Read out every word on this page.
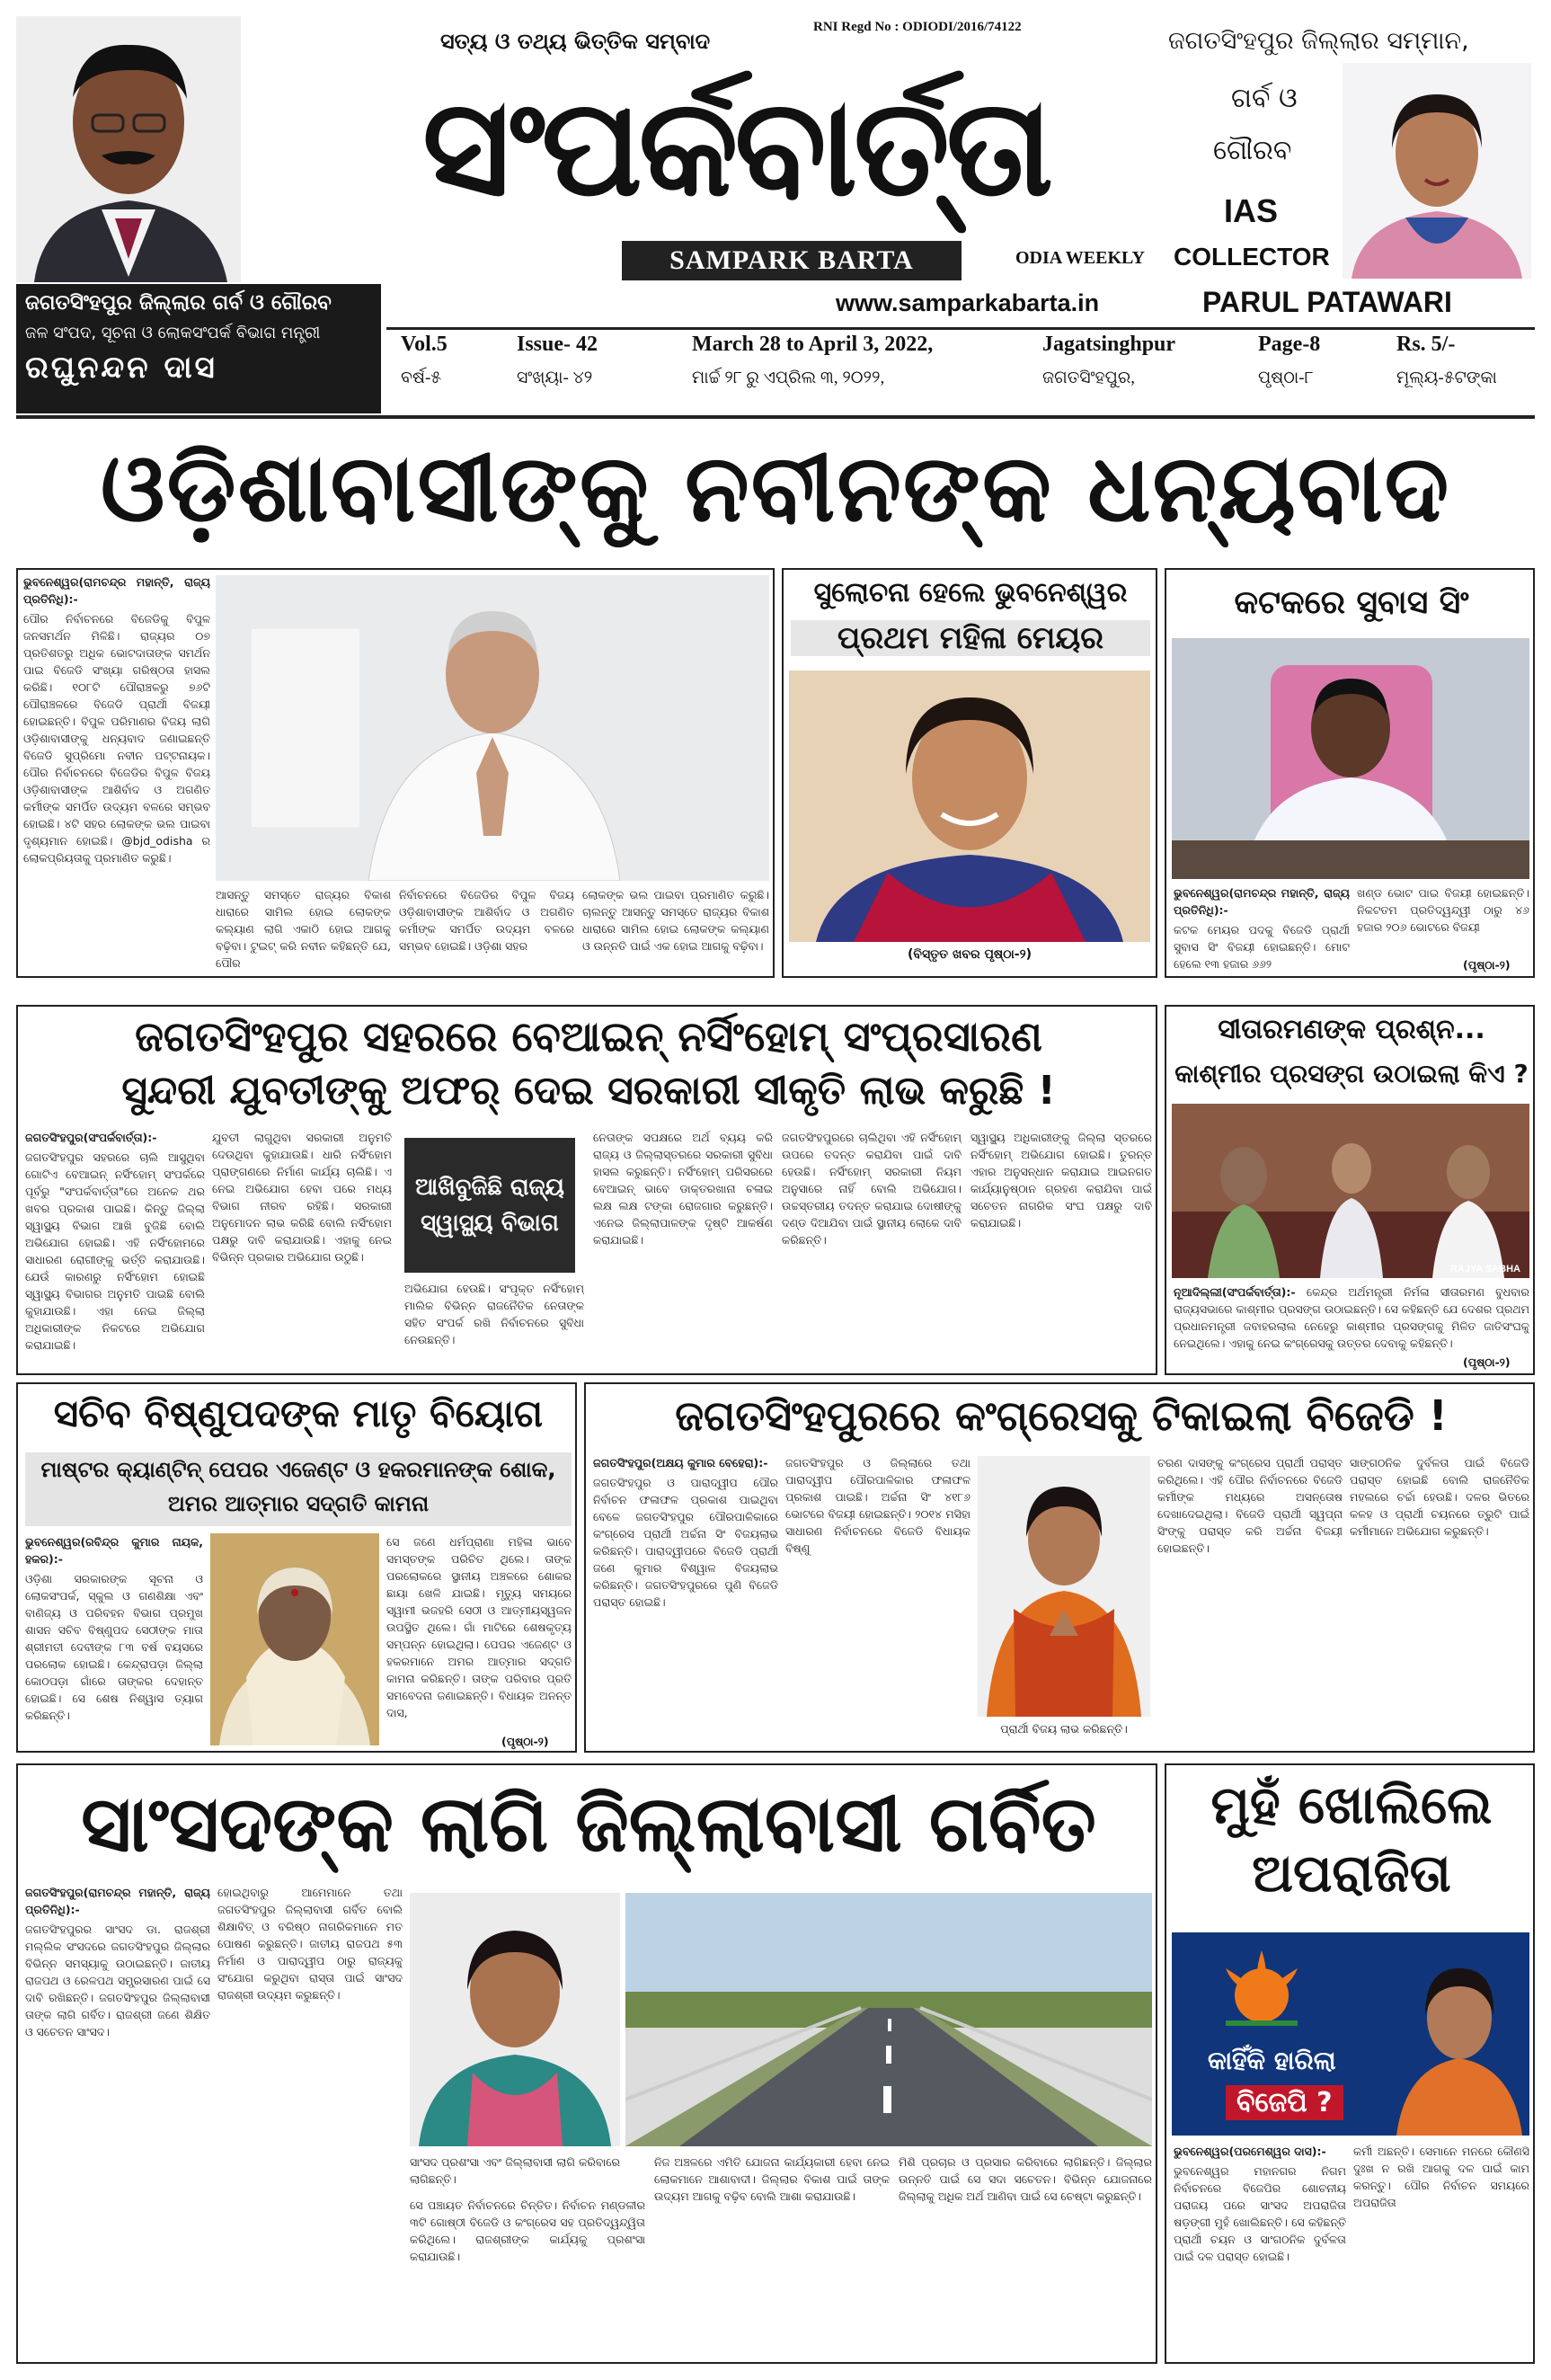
ଜଗତସିଂହପୁର ଜିଲ୍ଲାର ଗର୍ବ ଓ ଗୌରବ
ଜଳ ସଂପଦ, ସୂଚନା ଓ ଲୋକସଂପର୍କ ବିଭାଗ ମନ୍ତ୍ରୀ
ରଘୁନନ୍ଦନ ଦାସ
ସତ୍ୟ ଓ ତଥ୍ୟ ଭିତ୍ତିକ ସମ୍ବାଦ
RNI Regd No : ODIODI/2016/74122
ସଂପର୍କବାର୍ତ୍ତା
SAMPARK BARTA	ODIA WEEKLY
www.samparkabarta.in
ଜଗତସିଂହପୁର ଜିଲ୍ଲାର ସମ୍ମାନ,
ଗର୍ବ ଓ
ଗୌରବ
IAS
COLLECTOR
PARUL PATAWARI
Vol.5
ବର୍ଷ-୫
Issue- 42
ସଂଖ୍ୟା- ୪୨
March 28 to April 3, 2022,
ମାର୍ଚ୍ଚ ୨୮ ରୁ ଏପ୍ରିଲ ୩, ୨୦୨୨,
Jagatsinghpur
ଜଗତସିଂହପୁର,
Page-8
ପୃଷ୍ଠା-୮
Rs. 5/-
ମୂଲ୍ୟ-୫ଟଙ୍କା
ଓଡ଼ିଶାବାସୀଙ୍କୁ ନବୀନଙ୍କ ଧନ୍ୟବାଦ

ଭୁବନେଶ୍ୱର(ରାମଚନ୍ଦ୍ର ମହାନ୍ତି, ରାଜ୍ୟ ପ୍ରତିନିଧି):-

ପୌର ନିର୍ବାଚନରେ ବିଜେଡିକୁ ବିପୁଳ ଜନସମର୍ଥନ ମିଳିଛି। ରାଜ୍ୟର ୦୭ ପ୍ରତିଶତରୁ ଅଧିକ ଭୋଟଦାତାଙ୍କ ସମର୍ଥନ ପାଇ ବିଜେଡି ସଂଖ୍ୟା ଗରିଷ୍ଠତା ହାସଲ କରିଛି। ୧୦୮ଟି ପୌରାଞ୍ଚଳରୁ ୭୬ଟି ପୌରାଞ୍ଚଳରେ ବିଜେଡି ପ୍ରାର୍ଥୀ ବିଜୟୀ ହୋଇଛନ୍ତି। ବିପୁଳ ପରିମାଣର ବିଜୟ ଲାଗି ଓଡ଼ିଶାବାସୀଙ୍କୁ ଧନ୍ୟବାଦ ଜଣାଇଛନ୍ତି ବିଜେଡି ସୁପ୍ରିମୋ ନବୀନ ପଟ୍ଟନାୟକ। ପୌର ନିର୍ବାଚନରେ ବିଜେଡିର ବିପୁଳ ବିଜୟ ଓଡ଼ିଶାବାସୀଙ୍କ ଆଶିର୍ବାଦ ଓ ଅଗଣିତ କର୍ମୀଙ୍କ ସମର୍ପିତ ଉଦ୍ୟମ ବଳରେ ସମ୍ଭବ ହୋଇଛି। ୪ଟି ସହର ଲୋକଙ୍କ ଭଲ ପାଇବା ଦୃଶ୍ୟମାନ ହୋଇଛି। @bjd_odisha ର ଲୋକପ୍ରିୟତାକୁ ପ୍ରମାଣିତ କରୁଛି।

ଆସନ୍ତୁ ସମସ୍ତେ ରାଜ୍ୟର ବିକାଶ ଧାରାରେ ସାମିଲ ହୋଇ ଲୋକଙ୍କ କଲ୍ୟାଣ ଲାଗି ଏକାଠି ହୋଇ ଆଗକୁ ବଢ଼ିବା। ଟୁଇଟ୍ କରି ନବୀନ କହିଛନ୍ତି ଯେ, ପୌର
ନିର୍ବାଚନରେ ବିଜେଡିର ବିପୁଳ ବିଜୟ ଓଡ଼ିଶାବାସୀଙ୍କ ଆଶିର୍ବାଦ ଓ ଅଗଣିତ କର୍ମୀଙ୍କ ସମର୍ପିତ ଉଦ୍ୟମ ବଳରେ ସମ୍ଭବ ହୋଇଛି। ଓଡ଼ିଶା ସହର
ଲୋକଙ୍କ ଭଲ ପାଇବା ପ୍ରମାଣିତ କରୁଛି। ଚାଲନ୍ତୁ ଆସନ୍ତୁ ସମସ୍ତେ ରାଜ୍ୟର ବିକାଶ ଧାରାରେ ସାମିଲ ହୋଇ ଲୋକଙ୍କ କଲ୍ୟାଣ ଓ ଉନ୍ନତି ପାଇଁ ଏକ ହୋଇ ଆଗକୁ ବଢ଼ିବା।
ସୁଲୋଚନା ହେଲେ ଭୁବନେଶ୍ୱର
ପ୍ରଥମ ମହିଳା ମେୟର
(ବିସ୍ତୃତ ଖବର ପୃଷ୍ଠା-୨)
କଟକରେ ସୁବାସ ସିଂ

ଭୁବନେଶ୍ୱର(ରାମଚନ୍ଦ୍ର ମହାନ୍ତି, ରାଜ୍ୟ ପ୍ରତିନିଧି):-

କଟକ ମେୟର ପଦକୁ ବିଜେଡି ପ୍ରାର୍ଥୀ ସୁବାସ ସିଂ ବିଜୟୀ ହୋଇଛନ୍ତି। ମୋଟ ହେଲେ ୧୩ ହଜାର ୬୬୨

ଖଣ୍ଡ ଭୋଟ ପାଇ ବିଜୟୀ ହୋଇଛନ୍ତି। ନିକଟତମ ପ୍ରତିଦ୍ୱନ୍ଦ୍ୱୀ ଠାରୁ ୪୬ ହଜାର ୨୦୬ ଭୋଟରେ ବିଜୟୀ
(ପୃଷ୍ଠା-୨)
ଜଗତସିଂହପୁର ସହରରେ ବେଆଇନ୍ ନର୍ସିଂହୋମ୍ ସଂପ୍ରସାରଣ
ସୁନ୍ଦରୀ ଯୁବତୀଙ୍କୁ ଅଫର୍ ଦେଇ ସରକାରୀ ସୀକୃତି ଲାଭ କରୁଛି !

ଜଗତସିଂହପୁର(ସଂପର୍କବାର୍ତ୍ତା):-

ଜଗତସିଂହପୁର ସହରରେ ଚାଲି ଆସୁଥିବା ଗୋଟିଏ ବେଆଇନ୍ ନର୍ସିଂହୋମ୍ ସଂପର୍କରେ ପୂର୍ବରୁ "ସଂପର୍କବାର୍ତ୍ତା"ରେ ଅନେକ ଥର ଖବର ପ୍ରକାଶ ପାଇଛି। କିନ୍ତୁ ଜିଲ୍ଲା ସ୍ୱାସ୍ଥ୍ୟ ବିଭାଗ ଆଖି ବୁଜିଛି ବୋଲି ଅଭିଯୋଗ ହୋଇଛି। ଏହି ନର୍ସିଂହୋମରେ ସାଧାରଣ ରୋଗୀଙ୍କୁ ଭର୍ତ୍ତି କରାଯାଉଛି। ଯେଉଁ କାରଣରୁ ନର୍ସିଂହୋମ ହୋଇଛି ସ୍ୱାସ୍ଥ୍ୟ ବିଭାଗର ଅନୁମତି ପାଇଛି ବୋଲି କୁହାଯାଉଛି। ଏହା ନେଇ ଜିଲ୍ଲା ଅଧିକାରୀଙ୍କ ନିକଟରେ ଅଭିଯୋଗ କରାଯାଇଛି।

ଯୁବତୀ ଲାଗୁଥିବା ସରକାରୀ ଅନୁମତି ଦେଉଥିବା କୁହାଯାଉଛି। ଧାରି ନର୍ସିଂହୋମ ପ୍ରାଙ୍ଗଣରେ ନିର୍ମାଣ କାର୍ଯ୍ୟ ଚାଲିଛି। ଏ ନେଇ ଅଭିଯୋଗ ହେବା ପରେ ମଧ୍ୟ ବିଭାଗ ନୀରବ ରହିଛି। ସରକାରୀ ଅନୁମୋଦନ ଲାଭ କରିଛି ବୋଲି ନର୍ସିଂହୋମ ପକ୍ଷରୁ ଦାବି କରାଯାଉଛି। ଏହାକୁ ନେଇ ବିଭିନ୍ନ ପ୍ରକାର ଅଭିଯୋଗ ଉଠୁଛି।
ଆଖିବୁଜିଛି ରାଜ୍ୟ ସ୍ୱାସ୍ଥ୍ୟ ବିଭାଗ
ଅଭିଯୋଗ ହେଉଛି। ସଂପୃକ୍ତ ନର୍ସିଂହୋମ୍ ମାଲିକ ବିଭିନ୍ନ ରାଜନୈତିକ ନେତାଙ୍କ ସହିତ ସଂପର୍କ ରଖି ନିର୍ବାଚନରେ ସୁବିଧା ନେଉଛନ୍ତି।
ନେତାଙ୍କ ସପକ୍ଷରେ ଅର୍ଥ ବ୍ୟୟ କରି ରାଜ୍ୟ ଓ ଜିଲ୍ଲାସ୍ତରରେ ସରକାରୀ ସୁବିଧା ହାସଲ କରୁଛନ୍ତି। ନର୍ସିଂହୋମ୍ ପରିସରରେ ବେଆଇନ୍ ଭାବେ ଡାକ୍ତରଖାନା ଚଳାଇ ଲକ୍ଷ ଲକ୍ଷ ଟଙ୍କା ରୋଜଗାର କରୁଛନ୍ତି। ଏନେଇ ଜିଲ୍ଲାପାଳଙ୍କ ଦୃଷ୍ଟି ଆକର୍ଷଣ କରାଯାଇଛି।
ଜଗତସିଂହପୁରରେ ଚାଲିଥିବା ଏହି ନର୍ସିଂହୋମ୍ ଉପରେ ତଦନ୍ତ କରାଯିବା ପାଇଁ ଦାବି ହେଉଛି। ନର୍ସିଂହୋମ୍ ସରକାରୀ ନିୟମ ଅନୁସାରେ ନାହିଁ ବୋଲି ଅଭିଯୋଗ। ଉଚ୍ଚସ୍ତରୀୟ ତଦନ୍ତ କରାଯାଇ ଦୋଷୀଙ୍କୁ ଦଣ୍ଡ ଦିଆଯିବା ପାଇଁ ସ୍ଥାନୀୟ ଲୋକେ ଦାବି କରିଛନ୍ତି।
ସ୍ୱାସ୍ଥ୍ୟ ଅଧିକାରୀଙ୍କୁ ଜିଲ୍ଲା ସ୍ତରରେ ନର୍ସିଂହୋମ୍ ଅଭିଯୋଗ ହୋଇଛି। ତୁରନ୍ତ ଏହାର ଅନୁସନ୍ଧାନ କରାଯାଇ ଆଇନଗତ କାର୍ଯ୍ୟାନୁଷ୍ଠାନ ଗ୍ରହଣ କରାଯିବା ପାଇଁ ସଚେତନ ନାଗରିକ ସଂଘ ପକ୍ଷରୁ ଦାବି କରାଯାଇଛି।
ସୀତାରମଣଙ୍କ ପ୍ରଶ୍ନ...
କାଶ୍ମୀର ପ୍ରସଙ୍ଗ ଉଠାଇଲା କିଏ ?
RAJYA SABHA

ନୂଆଦିଲ୍ଲୀ(ସଂପର୍କବାର୍ତ୍ତା):- କେନ୍ଦ୍ର ଅର୍ଥମନ୍ତ୍ରୀ ନିର୍ମଳା ସୀତାରମଣ ବୁଧବାର ରାଜ୍ୟସଭାରେ କାଶ୍ମୀର ପ୍ରସଙ୍ଗ ଉଠାଇଛନ୍ତି। ସେ କହିଛନ୍ତି ଯେ ଦେଶର ପ୍ରଥମ ପ୍ରଧାନମନ୍ତ୍ରୀ ଜବାହରଲାଲ ନେହେରୁ କାଶ୍ମୀର ପ୍ରସଙ୍ଗକୁ ମିଳିତ ଜାତିସଂଘକୁ ନେଇଥିଲେ। ଏହାକୁ ନେଇ କଂଗ୍ରେସକୁ ଉତ୍ତର ଦେବାକୁ କହିଛନ୍ତି।

(ପୃଷ୍ଠା-୨)
ସଚିବ ବିଷ୍ଣୁପଦଙ୍କ ମାତୃ ବିୟୋଗ
ମାଷ୍ଟର କ୍ୟାଣ୍ଟିନ୍ ପେପର ଏଜେଣ୍ଟ ଓ ହକରମାନଙ୍କ ଶୋକ, ଅମର ଆତ୍ମାର ସଦ୍‌ଗତି କାମନା

ଭୁବନେଶ୍ୱର(ରବିନ୍ଦ୍ର କୁମାର ନାୟକ, ହକର):-

ଓଡ଼ିଶା ସରକାରଙ୍କ ସୂଚନା ଓ ଲୋକସଂପର୍କ, ସ୍କୁଲ ଓ ଗଣଶିକ୍ଷା ଏବଂ ବାଣିଜ୍ୟ ଓ ପରିବହନ ବିଭାଗ ପ୍ରମୁଖ ଶାସନ ସଚିବ ବିଷ୍ଣୁପଦ ସେଠୀଙ୍କ ମାତା ଶ୍ରୀମତୀ ଦେବୀଙ୍କ ୮୩ ବର୍ଷ ବୟସରେ ପରଲୋକ ହୋଇଛି। କେନ୍ଦ୍ରାପଡ଼ା ଜିଲ୍ଲା କୋଠପଡ଼ା ଗାଁରେ ତାଙ୍କର ଦେହାନ୍ତ ହୋଇଛି। ସେ ଶେଷ ନିଶ୍ୱାସ ତ୍ୟାଗ କରିଛନ୍ତି।

ସେ ଜଣେ ଧର୍ମପ୍ରାଣା ମହିଳା ଭାବେ ସମସ୍ତଙ୍କ ପରିଚିତ ଥିଲେ। ତାଙ୍କ ପରଲୋକରେ ସ୍ଥାନୀୟ ଅଞ୍ଚଳରେ ଶୋକର ଛାୟା ଖେଳି ଯାଇଛି। ମୃତ୍ୟୁ ସମୟରେ ସ୍ୱାମୀ ଭଜହରି ସେଠୀ ଓ ଆତ୍ମୀୟସ୍ୱଜନ ଉପସ୍ଥିତ ଥିଲେ। ଗାଁ ମାଟିରେ ଶେଷକୃତ୍ୟ ସମ୍ପନ୍ନ ହୋଇଥିଲା। ପେପର ଏଜେଣ୍ଟ ଓ ହକରମାନେ ଅମର ଆତ୍ମାର ସଦ୍‌ଗତି କାମନା କରିଛନ୍ତି। ତାଙ୍କ ପରିବାର ପ୍ରତି ସମବେଦନା ଜଣାଇଛନ୍ତି। ବିଧାୟକ ଅନନ୍ତ ଦାସ,

(ପୃଷ୍ଠା-୨)
ଜଗତସିଂହପୁରରେ କଂଗ୍ରେସକୁ ଟିକାଇଲା ବିଜେଡି !

ଜଗତସିଂହପୁର(ଅକ୍ଷୟ କୁମାର ବେହେରା):-

ଜଗତସିଂହପୁର ଓ ପାରାଦ୍ୱୀପ ପୌର ନିର୍ବାଚନ ଫଳାଫଳ ପ୍ରକାଶ ପାଇଥିବା ବେଳେ ଜଗତସିଂହପୁର ପୌରପାଳିକାରେ କଂଗ୍ରେସ ପ୍ରାର୍ଥୀ ଅର୍ଚ୍ଚନା ସିଂ ବିଜୟଲାଭ କରିଛନ୍ତି। ପାରାଦ୍ୱୀପରେ ବିଜେଡି ପ୍ରାର୍ଥୀ ଜଣେ କୁମାର ବିଶ୍ୱାଳ ବିଜୟଲାଭ କରିଛନ୍ତି। ଜଗତସିଂହପୁରରେ ପୁଣି ବିଜେଡି ପରାସ୍ତ ହୋଇଛି।

ଜଗତସିଂହପୁର ଓ ଜିଲ୍ଲାରେ ତଥା ପାରାଦ୍ୱୀପ ପୌରପାଳିକାର ଫଳାଫଳ ପ୍ରକାଶ ପାଇଛି। ଅର୍ଚ୍ଚନା ସିଂ ୪୧୮୬ ଭୋଟରେ ବିଜୟୀ ହୋଇଛନ୍ତି। ୨୦୧୪ ମସିହା ସାଧାରଣ ନିର୍ବାଚନରେ ବିଜେଡି ବିଧାୟକ ବିଷ୍ଣୁ
ପ୍ରାର୍ଥୀ ବିଜୟ ଲାଭ କରିଛନ୍ତି।
ଚରଣ ଦାସଙ୍କୁ କଂଗ୍ରେସ ପ୍ରାର୍ଥୀ ପରାସ୍ତ କରିଥିଲେ। ଏହି ପୌର ନିର୍ବାଚନରେ ବିଜେଡି କର୍ମୀଙ୍କ ମଧ୍ୟରେ ଅସନ୍ତୋଷ ଦେଖାଦେଇଥିଲା। ବିଜେଡି ପ୍ରାର୍ଥୀ ସ୍ୱପ୍ନା ସିଂଙ୍କୁ ପରାସ୍ତ କରି ଅର୍ଚ୍ଚନା ବିଜୟୀ ହୋଇଛନ୍ତି।
ସାଙ୍ଗଠନିକ ଦୁର୍ବଳତା ପାଇଁ ବିଜେଡି ପରାସ୍ତ ହୋଇଛି ବୋଲି ରାଜନୈତିକ ମହଲରେ ଚର୍ଚ୍ଚା ହେଉଛି। ଦଳର ଭିତରେ କଳହ ଓ ପ୍ରାର୍ଥୀ ଚୟନରେ ତ୍ରୁଟି ପାଇଁ କର୍ମୀମାନେ ଅଭିଯୋଗ କରୁଛନ୍ତି।
ସାଂସଦଙ୍କ ଲାଗି ଜିଲ୍ଲାବାସୀ ଗର୍ବିତ

ଜଗତସିଂହପୁର(ରାମଚନ୍ଦ୍ର ମହାନ୍ତି, ରାଜ୍ୟ ପ୍ରତିନିଧି):-

ଜଗତସିଂହପୁରର ସାଂସଦ ଡା. ରାଜଶ୍ରୀ ମଲ୍ଲିକ ସଂସଦରେ ଜଗତସିଂହପୁର ଜିଲ୍ଲାର ବିଭିନ୍ନ ସମସ୍ୟାକୁ ଉଠାଇଛନ୍ତି। ଜାତୀୟ ରାଜପଥ ଓ ରେଳପଥ ସମ୍ପ୍ରସାରଣ ପାଇଁ ସେ ଦାବି ରଖିଛନ୍ତି। ଜଗତସିଂହପୁର ଜିଲ୍ଲାବାସୀ ତାଙ୍କ ଲାଗି ଗର୍ବିତ। ରାଜଶ୍ରୀ ଜଣେ ଶିକ୍ଷିତ ଓ ସଚେତନ ସାଂସଦ।

ହୋଇଥିବାରୁ ଆମେମାନେ ତଥା ଜଗତସିଂହପୁର ଜିଲ୍ଲାବାସୀ ଗର୍ବିତ ବୋଲି ଶିକ୍ଷାବିତ୍ ଓ ବରିଷ୍ଠ ନାଗରିକମାନେ ମତ ପୋଷଣ କରୁଛନ୍ତି। ଜାତୀୟ ରାଜପଥ ୫୩ ନିର୍ମାଣ ଓ ପାରାଦ୍ୱୀପ ଠାରୁ ରାଜ୍ୟକୁ ସଂଯୋଗ କରୁଥିବା ରାସ୍ତା ପାଇଁ ସାଂସଦ ରାଜଶ୍ରୀ ଉଦ୍ୟମ କରୁଛନ୍ତି।
ସାଂସଦ ପ୍ରଶଂସା ଏବଂ ଜିଲ୍ଲାବାସୀ ଲାଗି କରିବାରେ ଲାଗିଛନ୍ତି।
ସେ ପଞ୍ଚାୟତ ନିର୍ବାଚନରେ ଚିନ୍ତିତ। ନିର୍ବାଚନ ମଣ୍ଡଳୀର ୩ଟି ଗୋଷ୍ଠୀ ବିଜେଡି ଓ କଂଗ୍ରେସ ସହ ପ୍ରତିଦ୍ୱନ୍ଦ୍ୱିତା କରିଥିଲେ। ରାଜଶ୍ରୀଙ୍କ କାର୍ଯ୍ୟକୁ ପ୍ରଶଂସା କରାଯାଉଛି।
ନିଜ ଅଞ୍ଚଳରେ ଏମିତି ଯୋଜନା କାର୍ଯ୍ୟକାରୀ ହେବା ନେଇ ଲୋକମାନେ ଆଶାବାଦୀ। ଜିଲ୍ଲାର ବିକାଶ ପାଇଁ ତାଙ୍କ ଉଦ୍ୟମ ଆଗକୁ ବଢ଼ିବ ବୋଲି ଆଶା କରାଯାଉଛି।
ମିଶି ପ୍ରଚାର ଓ ପ୍ରସାର କରିବାରେ ଲାଗିଛନ୍ତି। ଜିଲ୍ଲାର ଉନ୍ନତି ପାଇଁ ସେ ସଦା ସଚେତନ। ବିଭିନ୍ନ ଯୋଜନାରେ ଜିଲ୍ଲାକୁ ଅଧିକ ଅର୍ଥ ଆଣିବା ପାଇଁ ସେ ଚେଷ୍ଟା କରୁଛନ୍ତି।
ମୁହଁ ଖୋଲିଲେ
ଅପରାଜିତା
କାହିଁକି ହାରିଲା
ବିଜେପି ?

ଭୁବନେଶ୍ୱର(ପରମେଶ୍ୱର ଦାସ):-

ଭୁବନେଶ୍ୱର ମହାନଗର ନିଗମ ନିର୍ବାଚନରେ ବିଜେପିର ଶୋଚନୀୟ ପରାଜୟ ପରେ ସାଂସଦ ଅପରାଜିତା ଷଡ଼ଙ୍ଗୀ ମୁହଁ ଖୋଲିଛନ୍ତି। ସେ କହିଛନ୍ତି ପ୍ରାର୍ଥୀ ଚୟନ ଓ ସାଂଗଠନିକ ଦୁର୍ବଳତା ପାଇଁ ଦଳ ପରାସ୍ତ ହୋଇଛି।

କର୍ମୀ ଅଛନ୍ତି। ସେମାନେ ମନରେ କୌଣସି ଦୁଃଖ ନ ରଖି ଆଗକୁ ଦଳ ପାଇଁ କାମ କରନ୍ତୁ। ପୌର ନିର୍ବାଚନ ସମୟରେ ଅପରାଜିତା
